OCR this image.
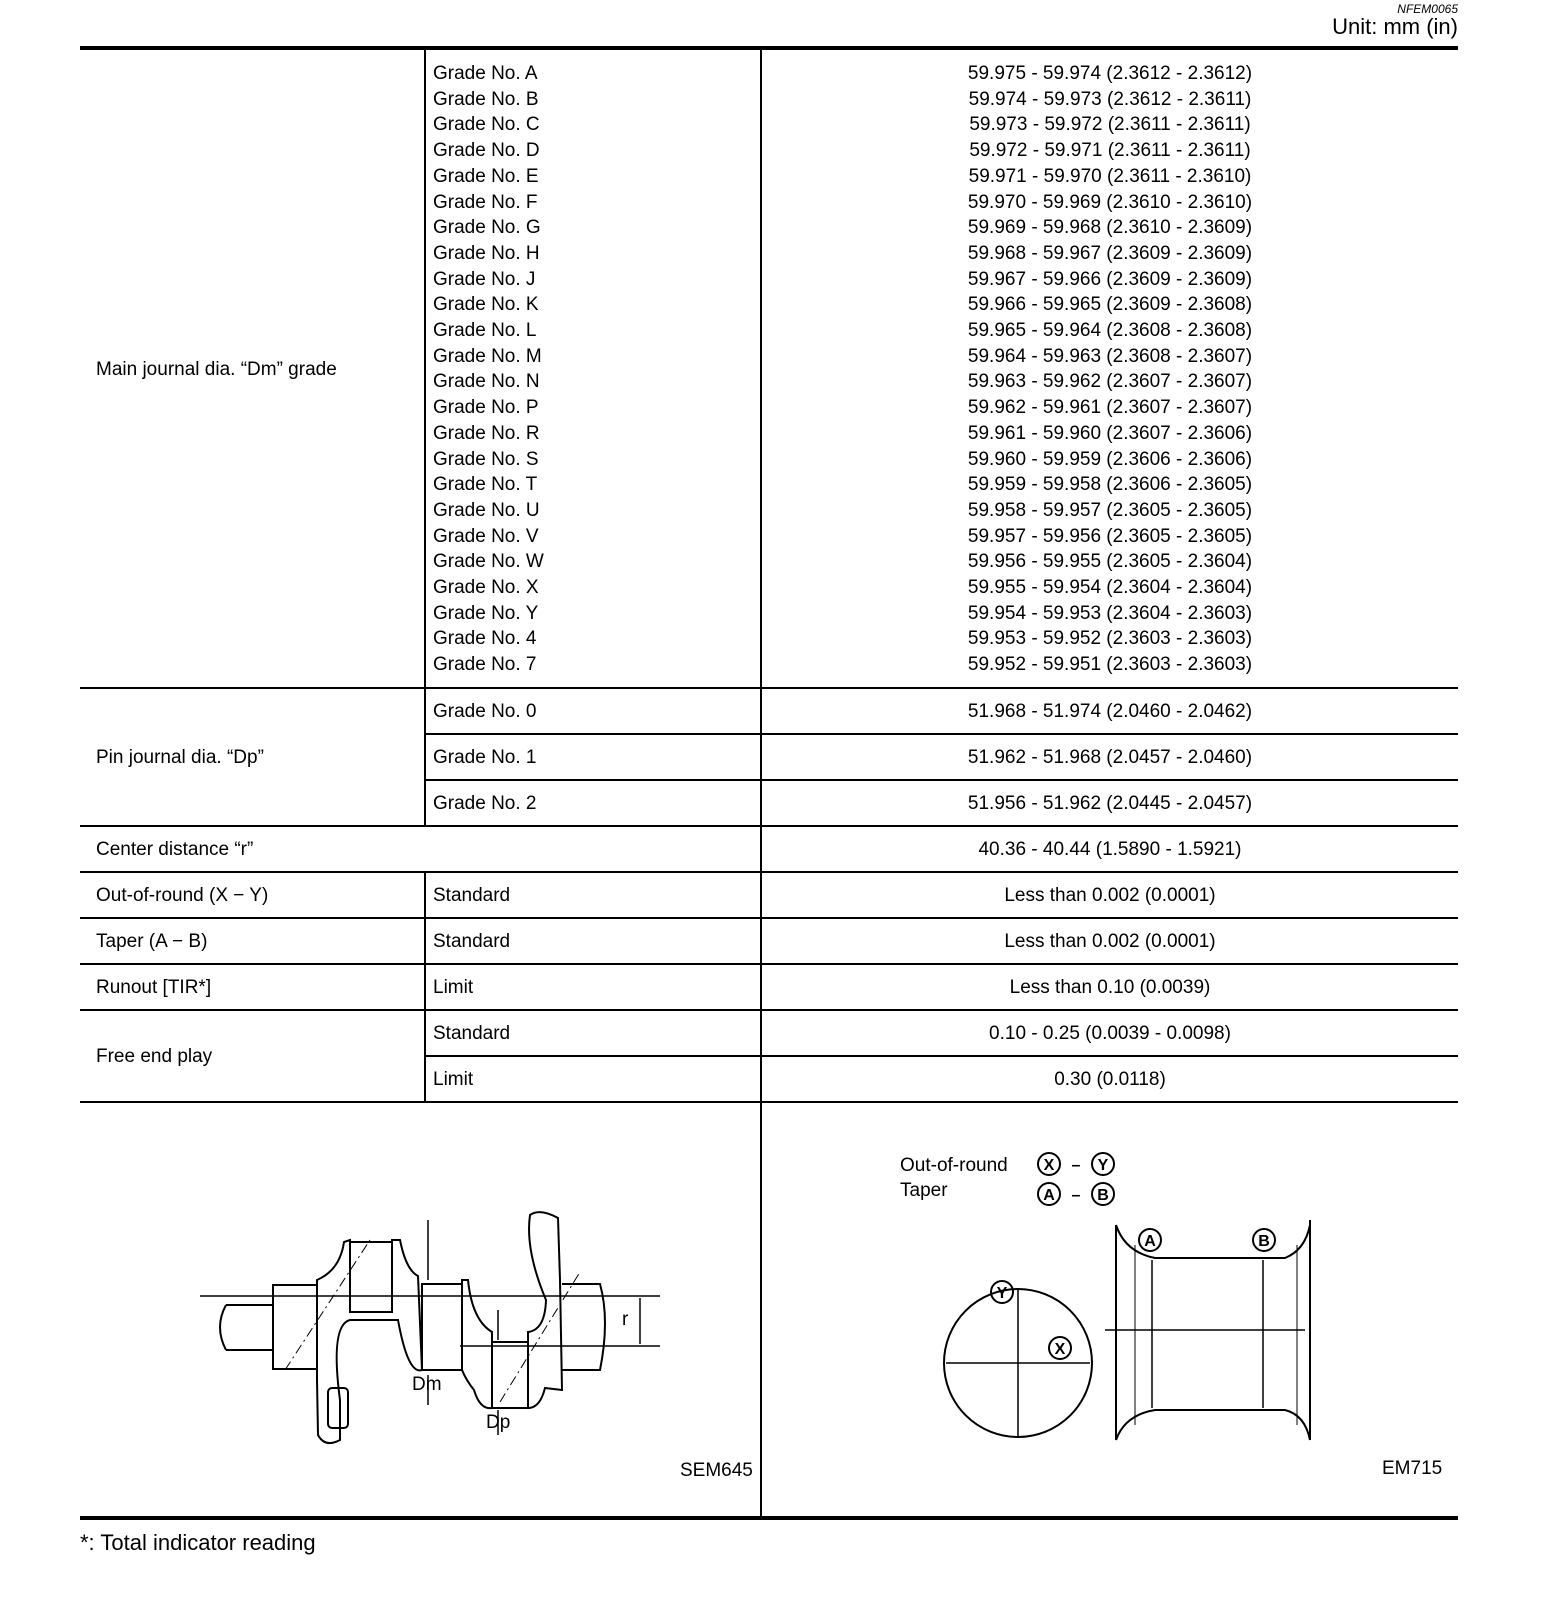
NFEM0065
Unit: mm (in)
Main journal dia. “Dm” grade
Grade No. A	59.975 - 59.974 (2.3612 - 2.3612)
Grade No. B	59.974 - 59.973 (2.3612 - 2.3611)
Grade No. C	59.973 - 59.972 (2.3611 - 2.3611)
Grade No. D	59.972 - 59.971 (2.3611 - 2.3611)
Grade No. E	59.971 - 59.970 (2.3611 - 2.3610)
Grade No. F	59.970 - 59.969 (2.3610 - 2.3610)
Grade No. G	59.969 - 59.968 (2.3610 - 2.3609)
Grade No. H	59.968 - 59.967 (2.3609 - 2.3609)
Grade No. J	59.967 - 59.966 (2.3609 - 2.3609)
Grade No. K	59.966 - 59.965 (2.3609 - 2.3608)
Grade No. L	59.965 - 59.964 (2.3608 - 2.3608)
Grade No. M	59.964 - 59.963 (2.3608 - 2.3607)
Grade No. N	59.963 - 59.962 (2.3607 - 2.3607)
Grade No. P	59.962 - 59.961 (2.3607 - 2.3607)
Grade No. R	59.961 - 59.960 (2.3607 - 2.3606)
Grade No. S	59.960 - 59.959 (2.3606 - 2.3606)
Grade No. T	59.959 - 59.958 (2.3606 - 2.3605)
Grade No. U	59.958 - 59.957 (2.3605 - 2.3605)
Grade No. V	59.957 - 59.956 (2.3605 - 2.3605)
Grade No. W	59.956 - 59.955 (2.3605 - 2.3604)
Grade No. X	59.955 - 59.954 (2.3604 - 2.3604)
Grade No. Y	59.954 - 59.953 (2.3604 - 2.3603)
Grade No. 4	59.953 - 59.952 (2.3603 - 2.3603)
Grade No. 7	59.952 - 59.951 (2.3603 - 2.3603)
Pin journal dia. “Dp”
Grade No. 0	51.968 - 51.974 (2.0460 - 2.0462)
Grade No. 1	51.962 - 51.968 (2.0457 - 2.0460)
Grade No. 2	51.956 - 51.962 (2.0445 - 2.0457)
Center distance “r”	40.36 - 40.44 (1.5890 - 1.5921)
Out-of-round (X − Y)	Standard	Less than 0.002 (0.0001)
Taper (A − B)	Standard	Less than 0.002 (0.0001)
Runout [TIR*]	Limit	Less than 0.10 (0.0039)
Free end play
Standard	0.10 - 0.25 (0.0039 - 0.0098)
Limit	0.30 (0.0118)
Dm
Dp
r
SEM645
Out-of-round
Taper
X – Y
A – B
Y
X
A	B
EM715
*: Total indicator reading
